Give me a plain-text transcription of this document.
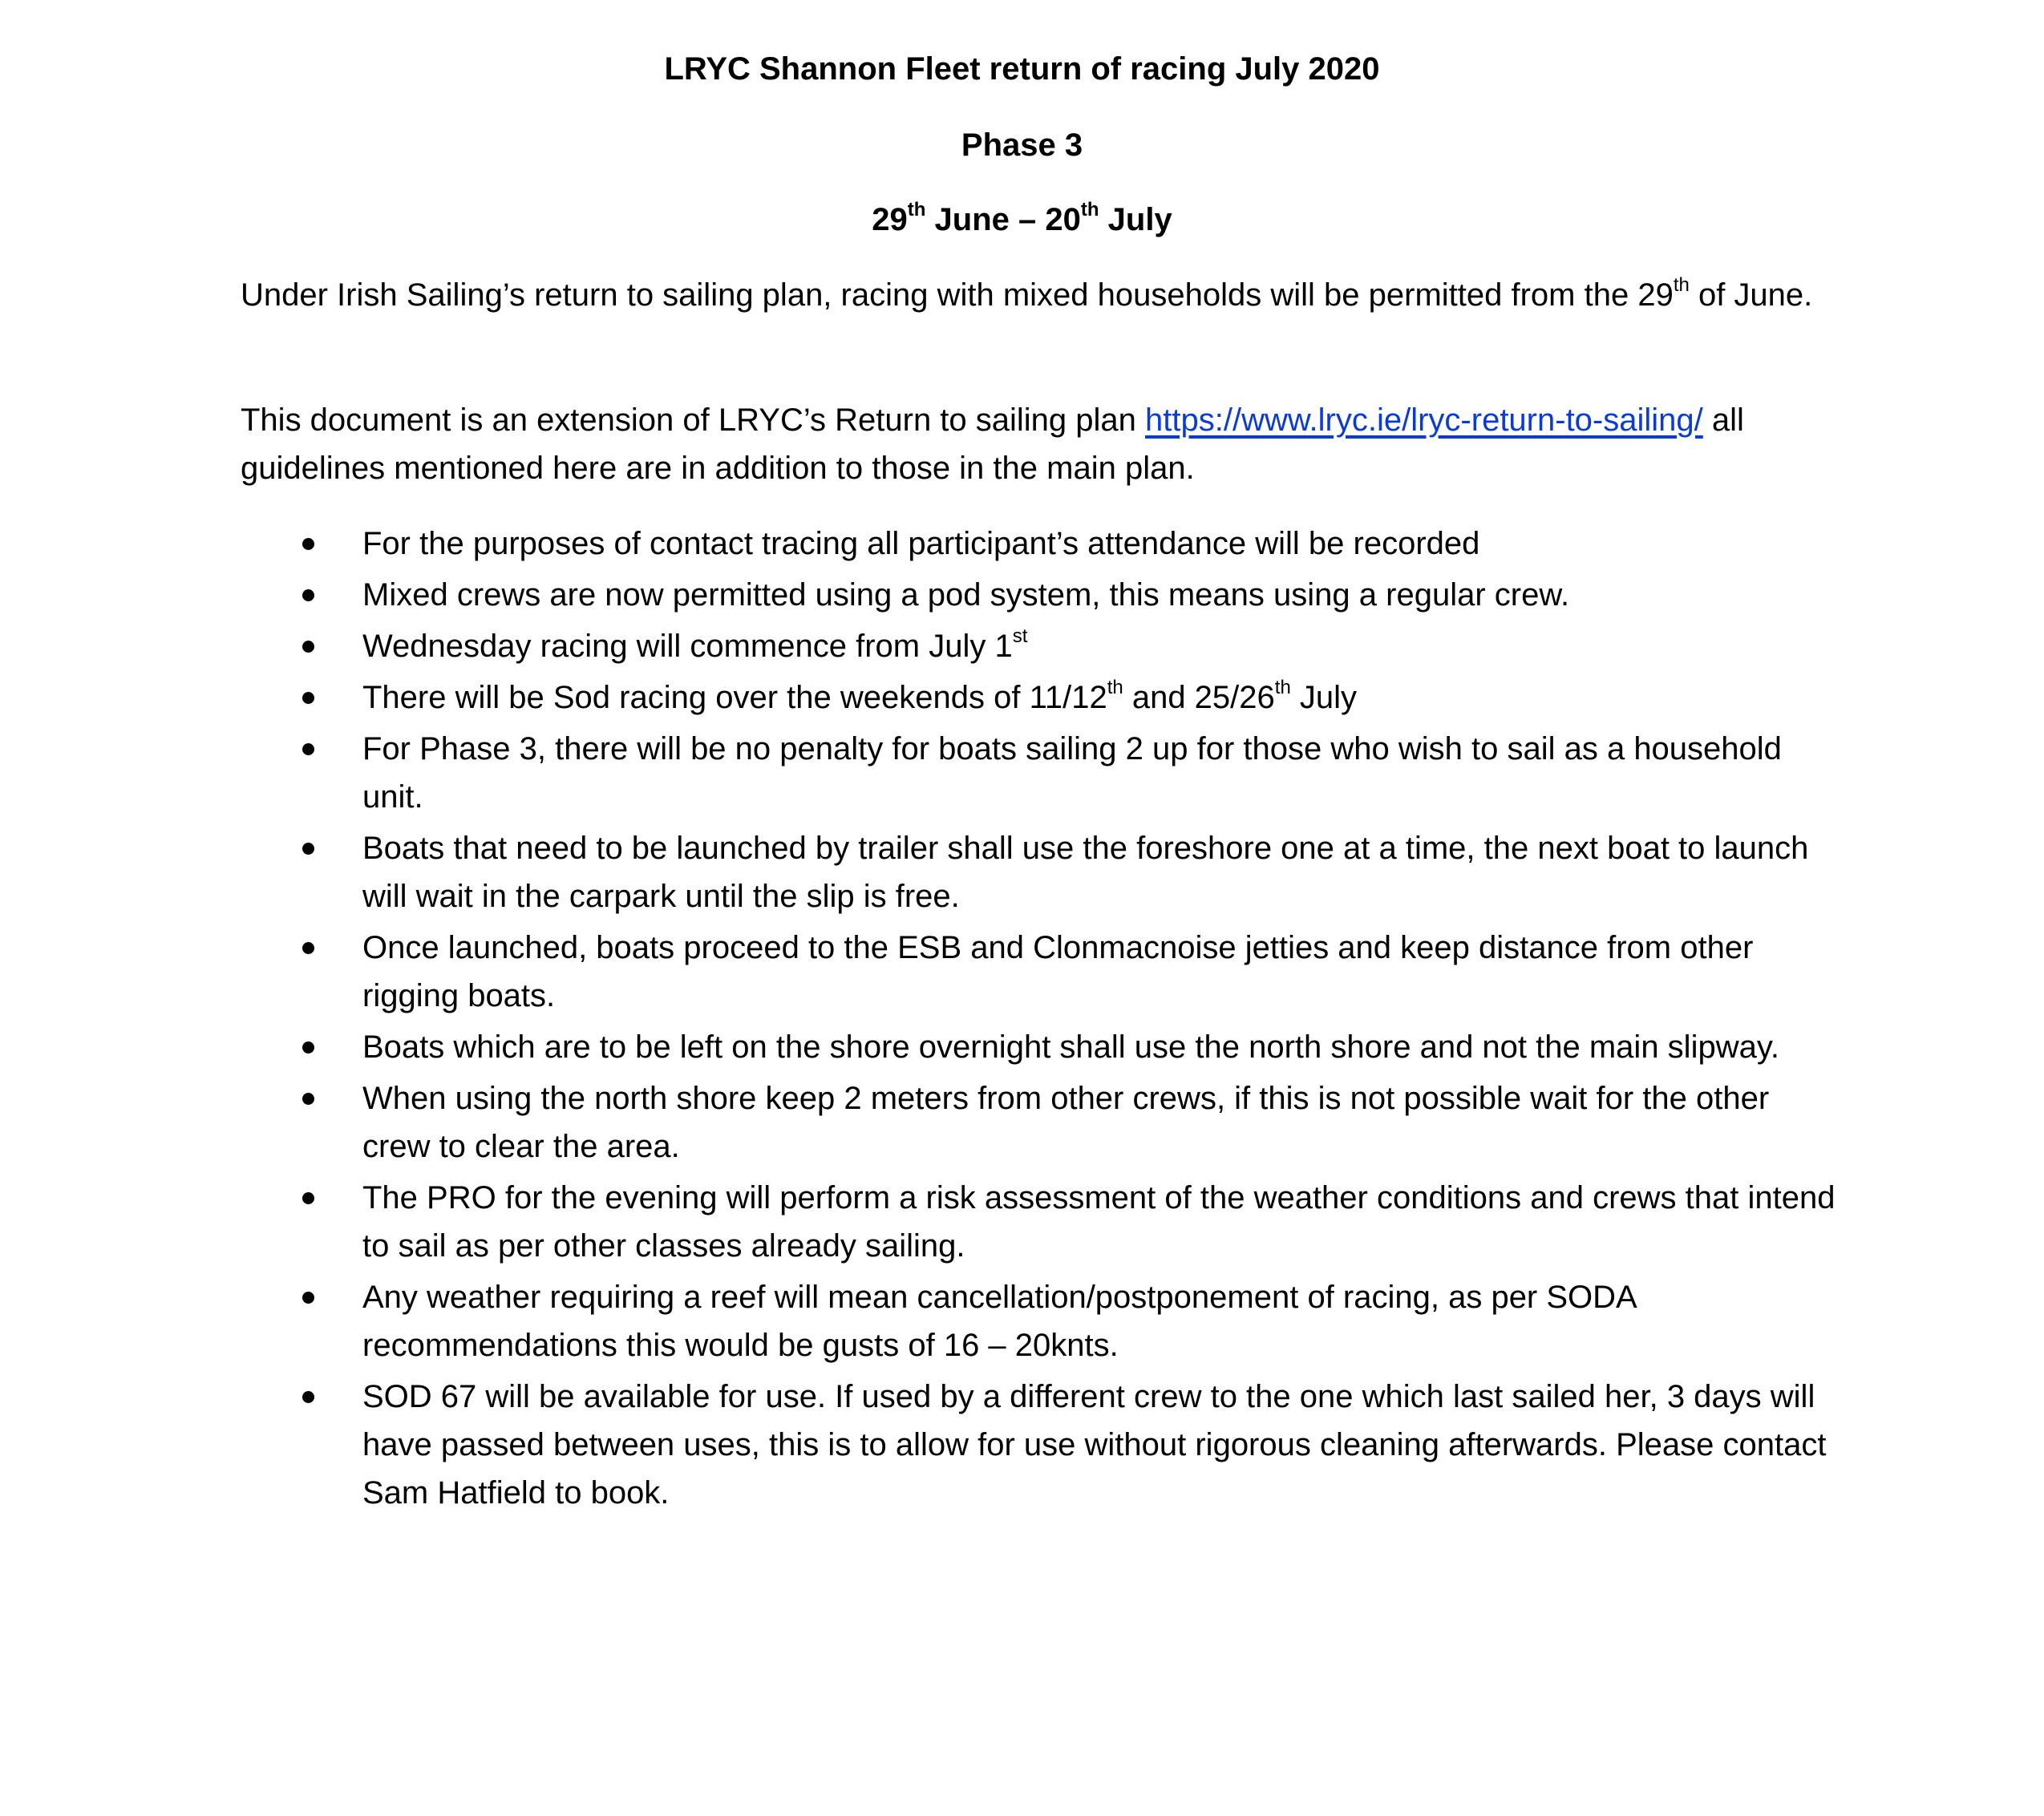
LRYC Shannon Fleet return of racing July 2020
Phase 3
29th June – 20th July

Under Irish Sailing’s return to sailing plan, racing with mixed households will be permitted from the 29th of June.

This document is an extension of LRYC’s Return to sailing plan https://www.lryc.ie/lryc-return-to-sailing/ all guidelines mentioned here are in addition to those in the main plan.

For the purposes of contact tracing all participant’s attendance will be recorded
Mixed crews are now permitted using a pod system, this means using a regular crew.
Wednesday racing will commence from July 1st
There will be Sod racing over the weekends of 11/12th and 25/26th July
For Phase 3, there will be no penalty for boats sailing 2 up for those who wish to sail as a household unit.
Boats that need to be launched by trailer shall use the foreshore one at a time, the next boat to launch will wait in the carpark until the slip is free.
Once launched, boats proceed to the ESB and Clonmacnoise jetties and keep distance from other rigging boats.
Boats which are to be left on the shore overnight shall use the north shore and not the main slipway.
When using the north shore keep 2 meters from other crews, if this is not possible wait for the other crew to clear the area.
The PRO for the evening will perform a risk assessment of the weather conditions and crews that intend to sail as per other classes already sailing.
Any weather requiring a reef will mean cancellation/postponement of racing, as per SODA recommendations this would be gusts of 16 – 20knts.
SOD 67 will be available for use. If used by a different crew to the one which last sailed her, 3 days will have passed between uses, this is to allow for use without rigorous cleaning afterwards. Please contact Sam Hatfield to book.
